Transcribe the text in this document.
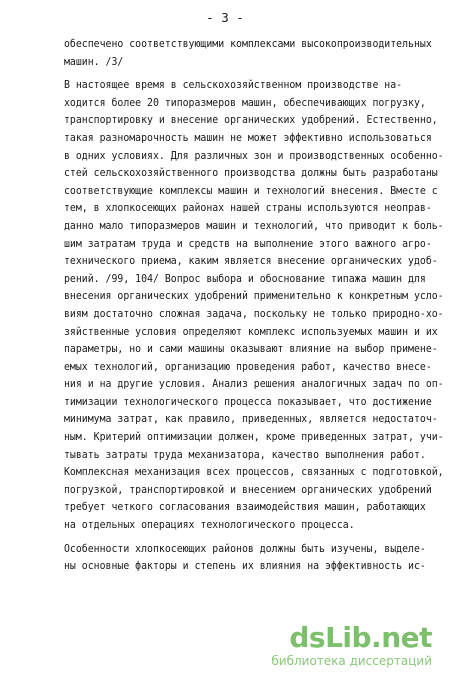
- 3 -
обеспечено соответствующими комплексами высокопроизводительных
машин. /3/
В настоящее время в сельскохозяйственном производстве на-
ходится более 20 типоразмеров машин, обеспечивающих погрузку,
транспортировку и внесение органических удобрений. Естественно,
такая разномарочность машин не может эффективно использоваться
в одних условиях. Для различных зон и производственных особенно-
стей сельскохозяйственного производства должны быть разработаны
соответствующие комплексы машин и технологий внесения. Вместе с
тем, в хлопкосеющих районах нашей страны используются неоправ-
данно мало типоразмеров машин и технологий, что приводит к боль-
шим затратам труда и средств на выполнение этого важного агро-
технического приема, каким является внесение органических удоб-
рений. /99, 104/ Вопрос выбора и обоснование типажа машин для
внесения органических удобрений применительно к конкретным усло-
виям достаточно сложная задача, поскольку не только природно-хо-
зяйственные условия определяют комплекс используемых машин и их
параметры, но и сами машины оказывают влияние на выбор примене-
емых технологий, организацию проведения работ, качество внесе-
ния и на другие условия. Анализ решения аналогичных задач по оп-
тимизации технологического процесса показывает, что достижение
минимума затрат, как правило, приведенных, является недостаточ-
ным. Критерий оптимизации должен, кроме приведенных затрат, учи-
тывать затраты труда механизатора, качество выполнения работ.
Комплексная механизация всех процессов, связанных с подготовкой,
погрузкой, транспортировкой и внесением органических удобрений
требует четкого согласования взаимодействия машин, работающих
на отдельных операциях технологического процесса.
Особенности хлопкосеющих районов должны быть изучены, выделе-
ны основные факторы и степень их влияния на эффективность ис-
dsLib.net
библиотека диссертаций
